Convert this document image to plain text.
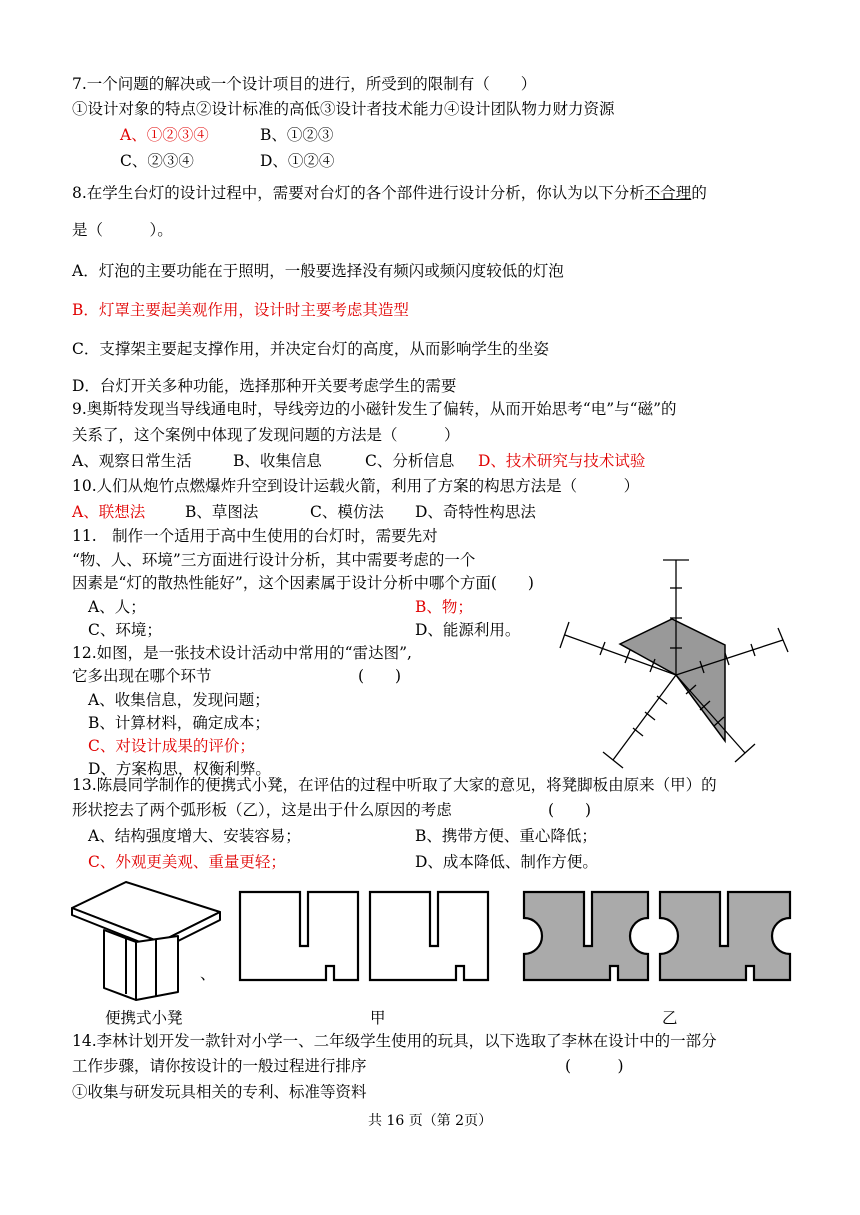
7.一个问题的解决或一个设计项目的进行，所受到的限制有（　　）
①设计对象的特点②设计标准的高低③设计者技术能力④设计团队物力财力资源
A、①②③④	B、①②③
C、②③④	D、①②④
8.在学生台灯的设计过程中，需要对台灯的各个部件进行设计分析，你认为以下分析不合理的
是（　　　）。
A．灯泡的主要功能在于照明，一般要选择没有频闪或频闪度较低的灯泡
B．灯罩主要起美观作用，设计时主要考虑其造型
C．支撑架主要起支撑作用，并决定台灯的高度，从而影响学生的坐姿
D．台灯开关多种功能，选择那种开关要考虑学生的需要
9.奥斯特发现当导线通电时，导线旁边的小磁针发生了偏转，从而开始思考“电”与“磁”的
关系了，这个案例中体现了发现问题的方法是（　　　）
A、观察日常生活	B、收集信息	C、分析信息 D、技术研究与技术试验
10.人们从炮竹点燃爆炸升空到设计运载火箭，利用了方案的构思方法是（　　　）
A、联想法	B、草图法	C、模仿法 D、奇特性构思法
11.　制作一个适用于高中生使用的台灯时，需要先对
“物、人、环境”三方面进行设计分析，其中需要考虑的一个
因素是“灯的散热性能好”，这个因素属于设计分析中哪个方面(　　)
A、人；	B、物；
C、环境；	D、能源利用。
12.如图，是一张技术设计活动中常用的“雷达图”,
它多出现在哪个环节	(　　)
A、收集信息，发现问题；
B、计算材料，确定成本；
C、对设计成果的评价；
D、方案构思，权衡利弊。
13.陈晨同学制作的便携式小凳，在评估的过程中听取了大家的意见，将凳脚板由原来（甲）的
形状挖去了两个弧形板（乙），这是出于什么原因的考虑	(　　)
A、结构强度增大、安装容易；	B、携带方便、重心降低；
C、外观更美观、重量更轻；	D、成本降低、制作方便。
、
便携式小凳	甲	乙
14.李林计划开发一款针对小学一、二年级学生使用的玩具，以下选取了李林在设计中的一部分
工作步骤，请你按设计的一般过程进行排序	(　　　)
①收集与研发玩具相关的专利、标准等资料
共 16 页（第 2页）
